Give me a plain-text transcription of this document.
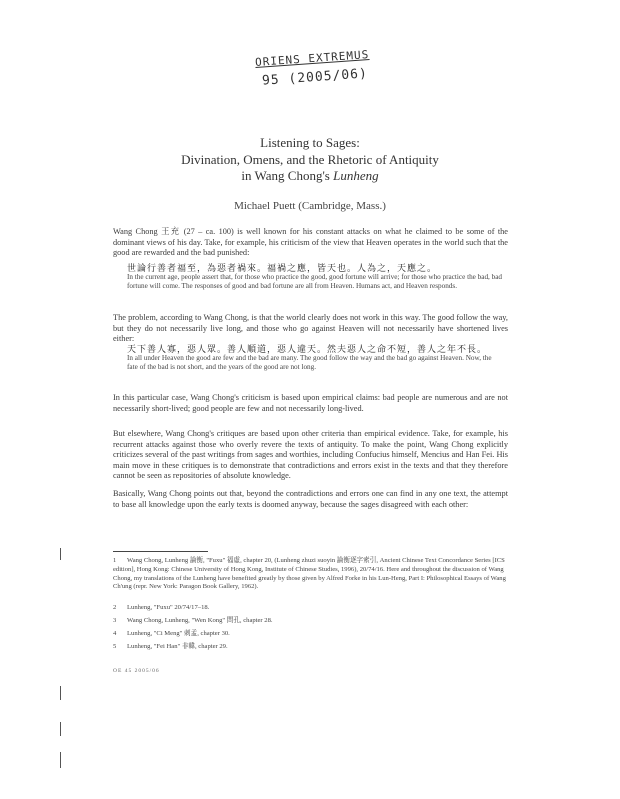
ORIENS EXTREMUS
95 (2005/06)
Listening to Sages:
Divination, Omens, and the Rhetoric of Antiquity
in Wang Chong's Lunheng
Michael Puett (Cambridge, Mass.)
Wang Chong 王充 (27 – ca. 100) is well known for his constant attacks on what he claimed to be some of the dominant views of his day. Take, for example, his criticism of the view that Heaven operates in the world such that the good are rewarded and the bad punished:
世論行善者福至，為惡者禍來。福禍之應，皆天也。人為之，天應之。
In the current age, people assert that, for those who practice the good, good fortune will arrive; for those who practice the bad, bad fortune will come. The responses of good and bad fortune are all from Heaven. Humans act, and Heaven responds.
The problem, according to Wang Chong, is that the world clearly does not work in this way. The good follow the way, but they do not necessarily live long, and those who go against Heaven will not necessarily have shortened lives either:
天下善人寡，惡人眾。善人順道，惡人違天。然夫惡人之命不短，善人之年不長。
In all under Heaven the good are few and the bad are many. The good follow the way and the bad go against Heaven. Now, the fate of the bad is not short, and the years of the good are not long.
In this particular case, Wang Chong's criticism is based upon empirical claims: bad people are numerous and are not necessarily short-lived; good people are few and not necessarily long-lived.
But elsewhere, Wang Chong's critiques are based upon other criteria than empirical evidence. Take, for example, his recurrent attacks against those who overly revere the texts of antiquity. To make the point, Wang Chong explicitly criticizes several of the past writings from sages and worthies, including Confucius himself, Mencius and Han Fei. His main move in these critiques is to demonstrate that contradictions and errors exist in the texts and that they therefore cannot be seen as repositories of absolute knowledge.
Basically, Wang Chong points out that, beyond the contradictions and errors one can find in any one text, the attempt to base all knowledge upon the early texts is doomed anyway, because the sages disagreed with each other:
1 Wang Chong, Lunheng 論衡, "Fuxu" 福虛, chapter 20, (Lunheng zhuzi suoyin 論衡逐字索引, Ancient Chinese Text Concordance Series [ICS edition], Hong Kong: Chinese University of Hong Kong, Institute of Chinese Studies, 1996), 20/74/16. Here and throughout the discussion of Wang Chong, my translations of the Lunheng have benefited greatly by those given by Alfred Forke in his Lun-Heng, Part I: Philosophical Essays of Wang Ch'ung (repr. New York: Paragon Book Gallery, 1962).
2 Lunheng, "Fuxu" 20/74/17–18.
3 Wang Chong, Lunheng, "Wen Kong" 問孔, chapter 28.
4 Lunheng, "Ci Meng" 刺孟, chapter 30.
5 Lunheng, "Fei Han" 非韓, chapter 29.
OE 45 2005/06
